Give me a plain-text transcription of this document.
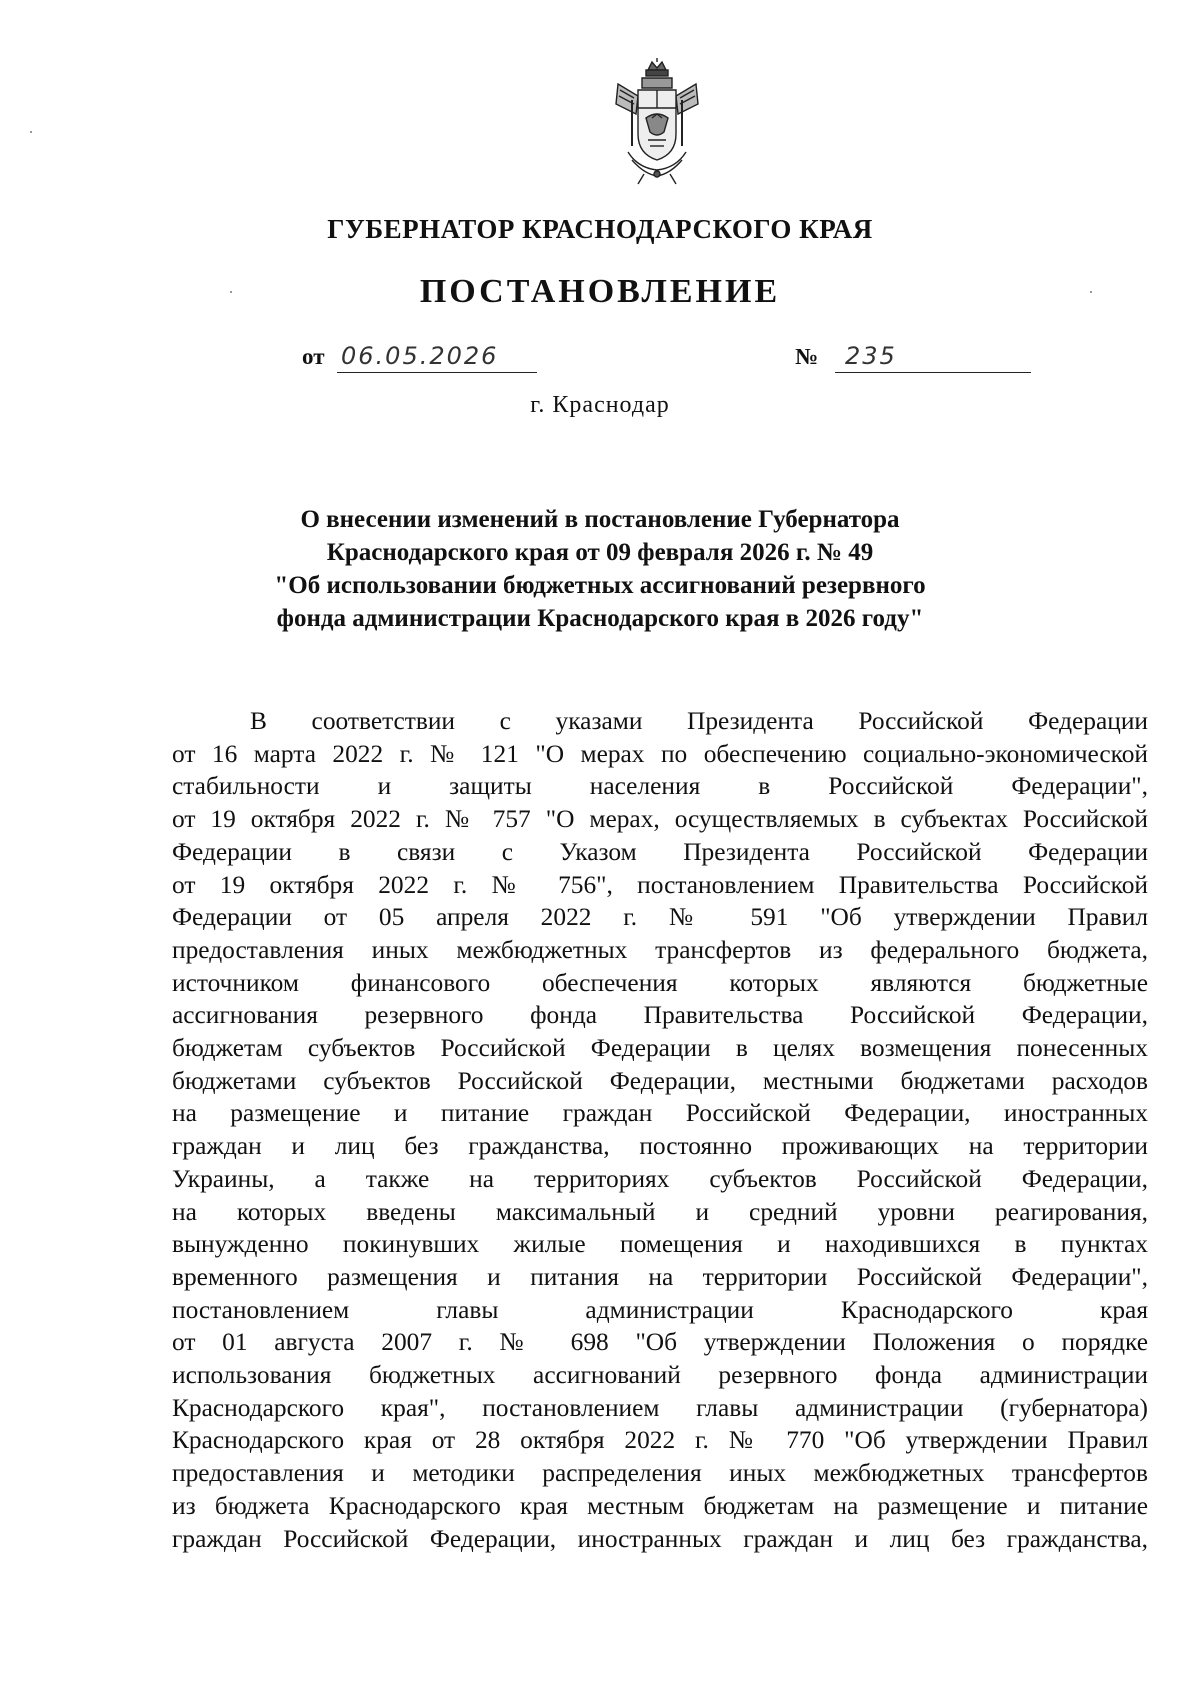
ГУБЕРНАТОР КРАСНОДАРСКОГО КРАЯ
ПОСТАНОВЛЕНИЕ
от 06.05.2026	№ 235
г. Краснодар
О внесении изменений в постановление Губернатора
Краснодарского края от 09 февраля 2026 г. № 49
"Об использовании бюджетных ассигнований резервного
фонда администрации Краснодарского края в 2026 году"
В соответствии с указами Президента Российской Федерации
от 16 марта 2022 г. № 121 "О мерах по обеспечению социально-экономической
стабильности и защиты населения в Российской Федерации",
от 19 октября 2022 г. № 757 "О мерах, осуществляемых в субъектах Российской
Федерации в связи с Указом Президента Российской Федерации
от 19 октября 2022 г. № 756", постановлением Правительства Российской
Федерации от 05 апреля 2022 г. № 591 "Об утверждении Правил
предоставления иных межбюджетных трансфертов из федерального бюджета,
источником финансового обеспечения которых являются бюджетные
ассигнования резервного фонда Правительства Российской Федерации,
бюджетам субъектов Российской Федерации в целях возмещения понесенных
бюджетами субъектов Российской Федерации, местными бюджетами расходов
на размещение и питание граждан Российской Федерации, иностранных
граждан и лиц без гражданства, постоянно проживающих на территории
Украины, а также на территориях субъектов Российской Федерации,
на которых введены максимальный и средний уровни реагирования,
вынужденно покинувших жилые помещения и находившихся в пунктах
временного размещения и питания на территории Российской Федерации",
постановлением главы администрации Краснодарского края
от 01 августа 2007 г. № 698 "Об утверждении Положения о порядке
использования бюджетных ассигнований резервного фонда администрации
Краснодарского края", постановлением главы администрации (губернатора)
Краснодарского края от 28 октября 2022 г. № 770 "Об утверждении Правил
предоставления и методики распределения иных межбюджетных трансфертов
из бюджета Краснодарского края местным бюджетам на размещение и питание
граждан Российской Федерации, иностранных граждан и лиц без гражданства,
